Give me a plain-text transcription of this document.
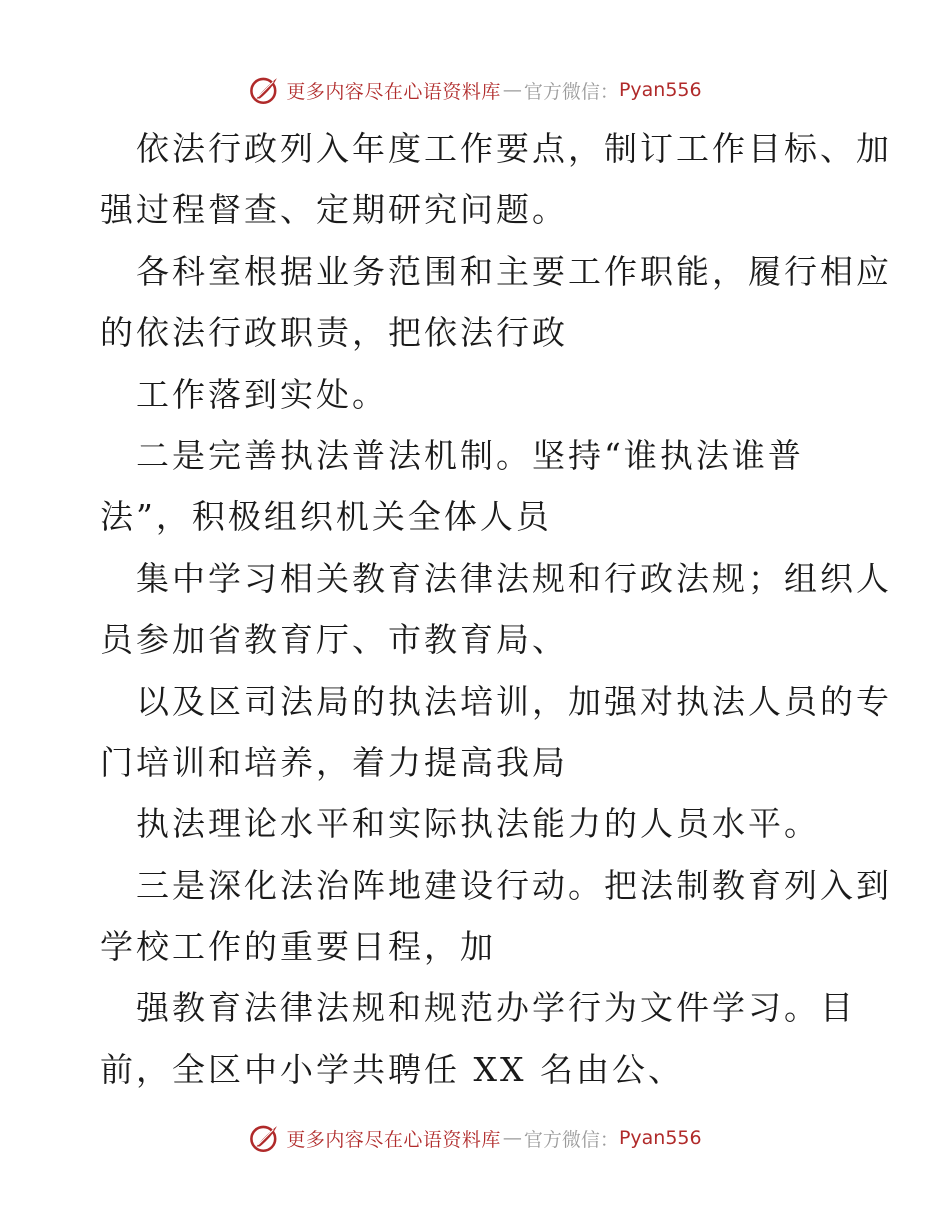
更多内容尽在心语资料库 — 官方微信： Pyan556
依法行政列入年度工作要点，制订工作目标、加
强过程督查、定期研究问题。
各科室根据业务范围和主要工作职能，履行相应
的依法行政职责，把依法行政
工作落到实处。
二是完善执法普法机制。坚持“谁执法谁普
法”，积极组织机关全体人员
集中学习相关教育法律法规和行政法规；组织人
员参加省教育厅、市教育局、
以及区司法局的执法培训，加强对执法人员的专
门培训和培养，着力提高我局
执法理论水平和实际执法能力的人员水平。
三是深化法治阵地建设行动。把法制教育列入到
学校工作的重要日程，加
强教育法律法规和规范办学行为文件学习。目
前，全区中小学共聘任 XX 名由公、
更多内容尽在心语资料库 — 官方微信： Pyan556
